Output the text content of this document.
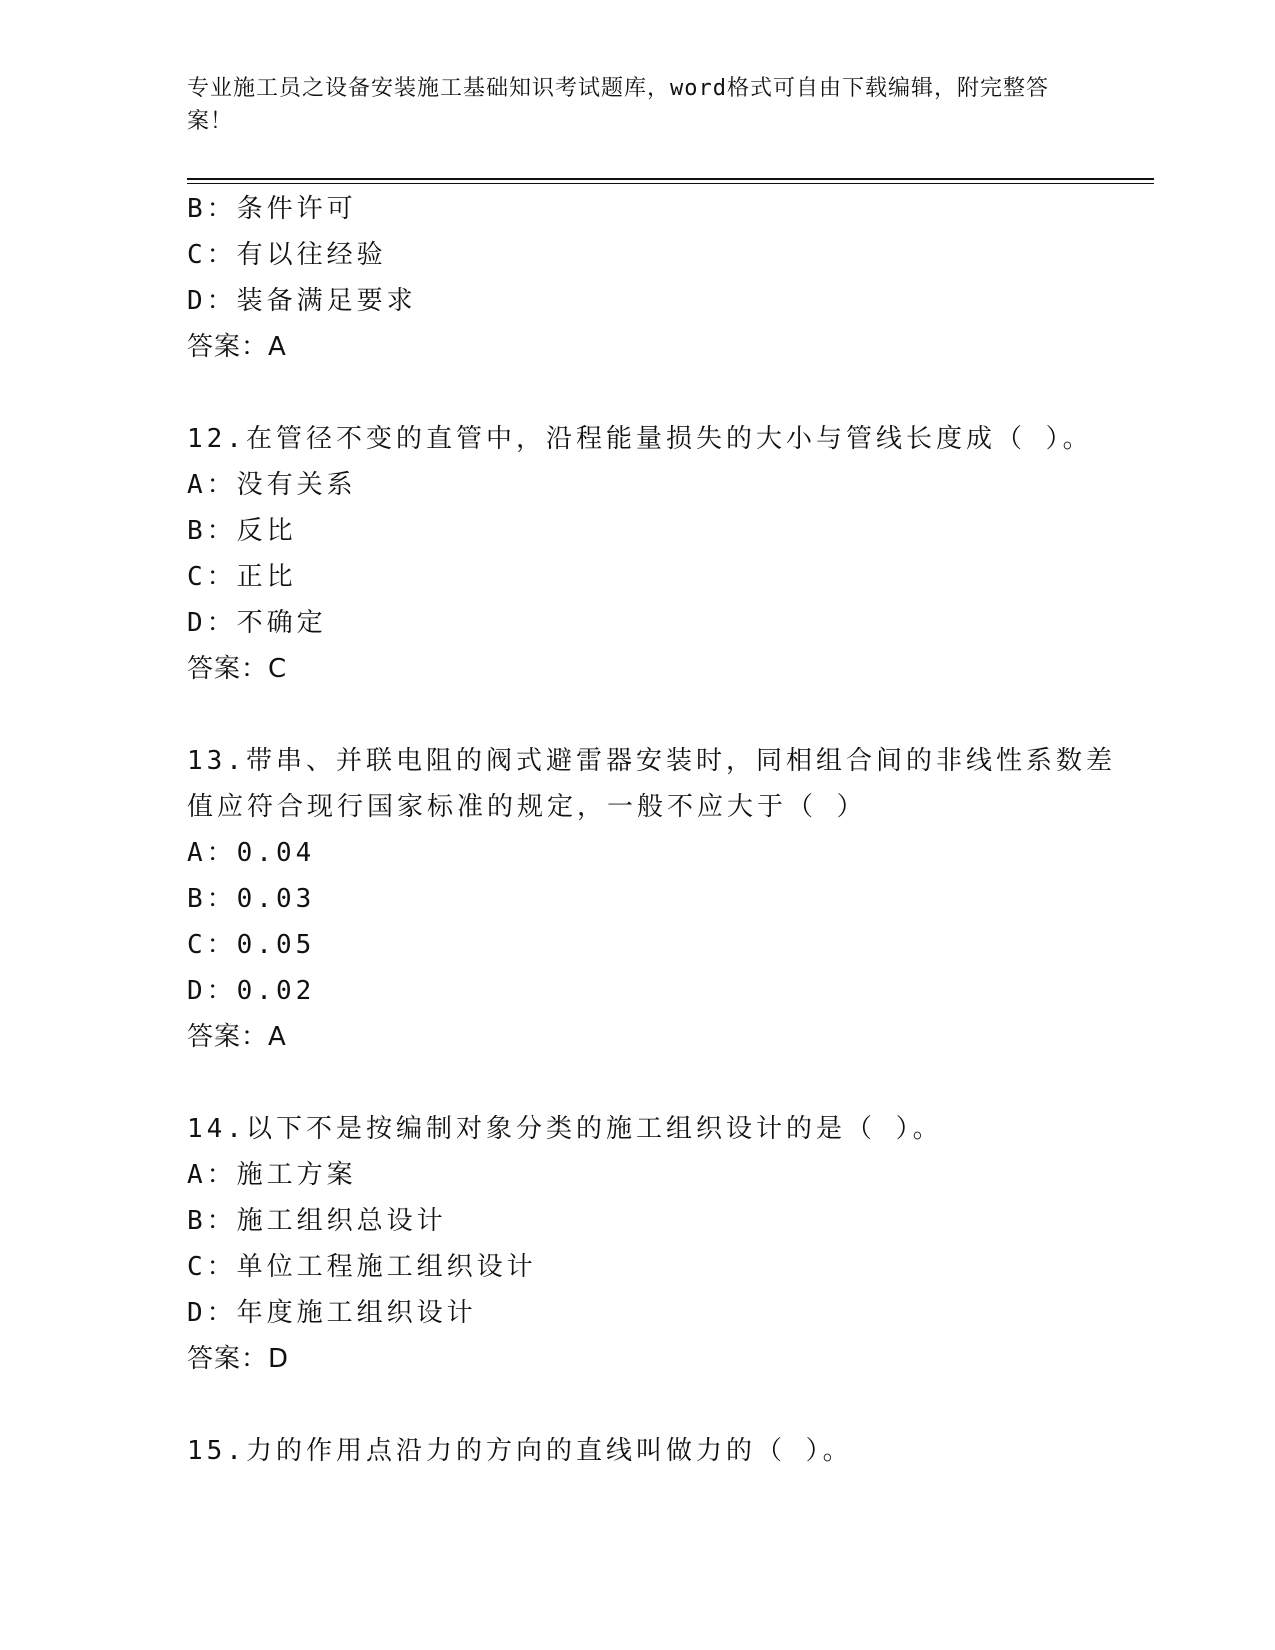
专业施工员之设备安装施工基础知识考试题库，word格式可自由下载编辑，附完整答案！
B：条件许可
C：有以往经验
D：装备满足要求
答案：A
12.在管径不变的直管中，沿程能量损失的大小与管线长度成（ ）。
A：没有关系
B：反比
C：正比
D：不确定
答案：C
13.带串、并联电阻的阀式避雷器安装时，同相组合间的非线性系数差
值应符合现行国家标准的规定，一般不应大于（ ）
A：0.04
B：0.03
C：0.05
D：0.02
答案：A
14.以下不是按编制对象分类的施工组织设计的是（ ）。
A：施工方案
B：施工组织总设计
C：单位工程施工组织设计
D：年度施工组织设计
答案：D
15.力的作用点沿力的方向的直线叫做力的（ ）。
